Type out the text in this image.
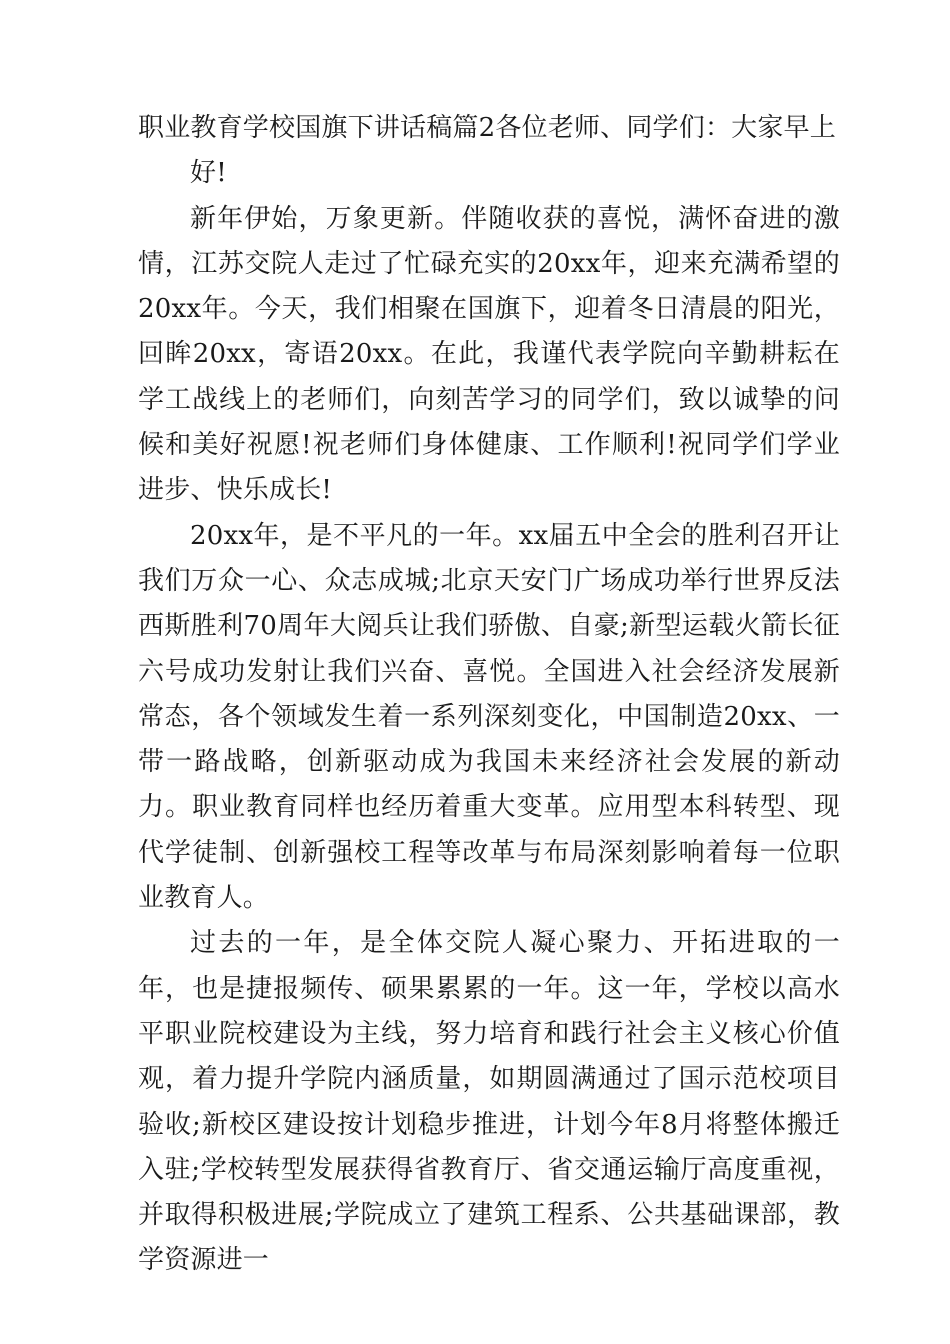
职业教育学校国旗下讲话稿篇2各位老师、同学们：大家早上

好!

新年伊始，万象更新。伴随收获的喜悦，满怀奋进的激情，江苏交院人走过了忙碌充实的20xx年，迎来充满希望的20xx年。今天，我们相聚在国旗下，迎着冬日清晨的阳光，回眸20xx，寄语20xx。在此，我谨代表学院向辛勤耕耘在学工战线上的老师们，向刻苦学习的同学们，致以诚挚的问候和美好祝愿!祝老师们身体健康、工作顺利!祝同学们学业进步、快乐成长!

20xx年，是不平凡的一年。xx届五中全会的胜利召开让我们万众一心、众志成城;北京天安门广场成功举行世界反法西斯胜利70周年大阅兵让我们骄傲、自豪;新型运载火箭长征六号成功发射让我们兴奋、喜悦。全国进入社会经济发展新常态，各个领域发生着一系列深刻变化，中国制造20xx、一带一路战略，创新驱动成为我国未来经济社会发展的新动力。职业教育同样也经历着重大变革。应用型本科转型、现代学徒制、创新强校工程等改革与布局深刻影响着每一位职业教育人。

过去的一年，是全体交院人凝心聚力、开拓进取的一年，也是捷报频传、硕果累累的一年。这一年，学校以高水平职业院校建设为主线，努力培育和践行社会主义核心价值观，着力提升学院内涵质量，如期圆满通过了国示范校项目验收;新校区建设按计划稳步推进，计划今年8月将整体搬迁入驻;学校转型发展获得省教育厅、省交通运输厅高度重视，并取得积极进展;学院成立了建筑工程系、公共基础课部，教学资源进一
